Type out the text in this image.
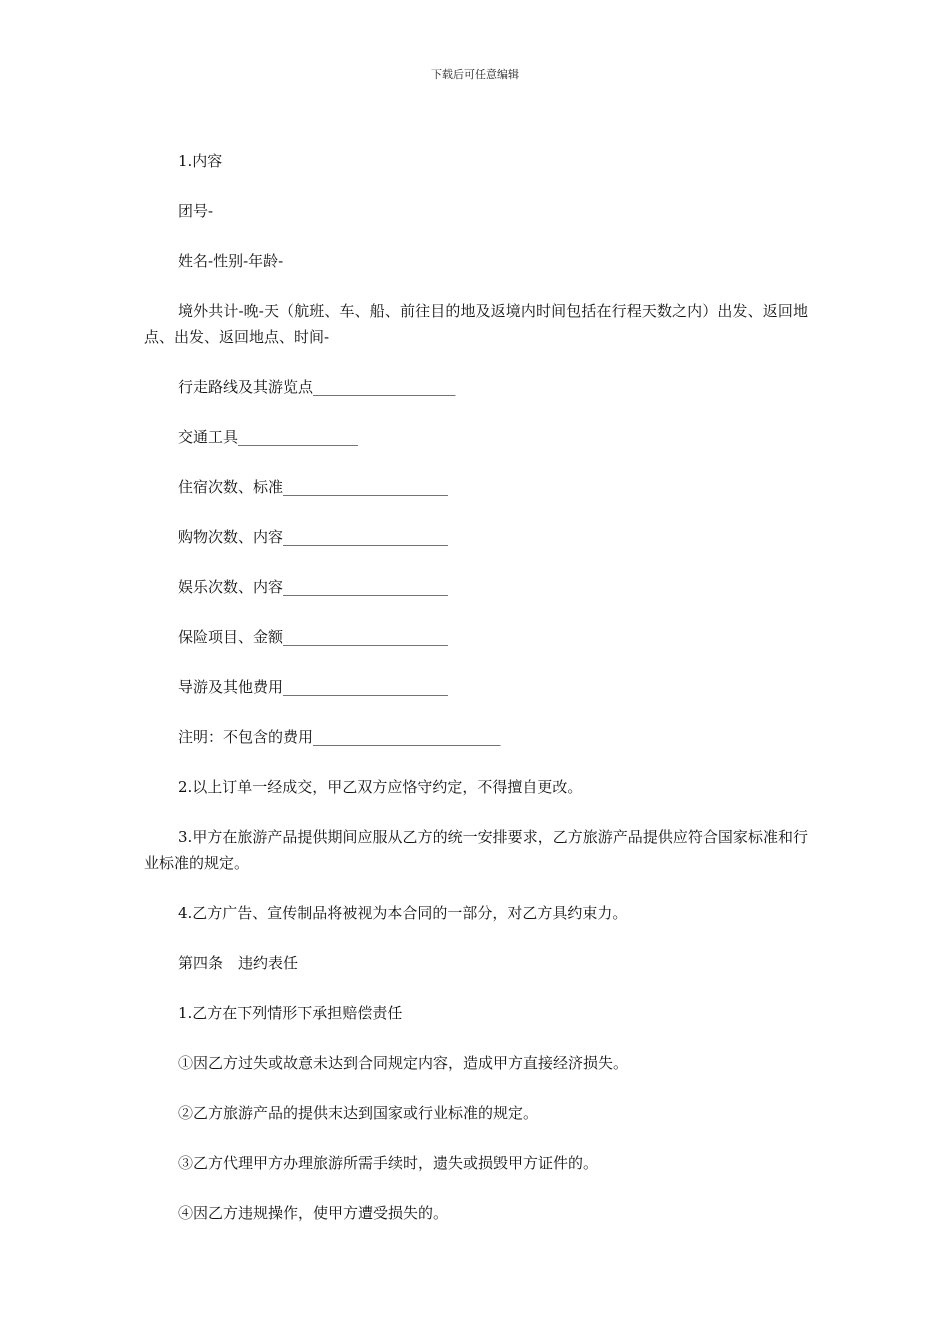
下载后可任意编辑

1.内容

团号-

姓名-性别-年龄-

境外共计-晚-天（航班、车、船、前往目的地及返境内时间包括在行程天数之内）出发、返回地点、出发、返回地点、时间-

行走路线及其游览点___________________

交通工具________________

住宿次数、标准______________________

购物次数、内容______________________

娱乐次数、内容______________________

保险项目、金额______________________

导游及其他费用______________________

注明：不包含的费用_________________________

2.以上订单一经成交，甲乙双方应恪守约定，不得擅自更改。

3.甲方在旅游产品提供期间应服从乙方的统一安排要求，乙方旅游产品提供应符合国家标准和行业标准的规定。

4.乙方广告、宣传制品将被视为本合同的一部分，对乙方具约束力。

第四条　违约表任

1.乙方在下列情形下承担赔偿责任

①因乙方过失或故意未达到合同规定内容，造成甲方直接经济损失。

②乙方旅游产品的提供末达到国家或行业标准的规定。

③乙方代理甲方办理旅游所需手续时，遗失或损毁甲方证件的。

④因乙方违规操作，使甲方遭受损失的。
